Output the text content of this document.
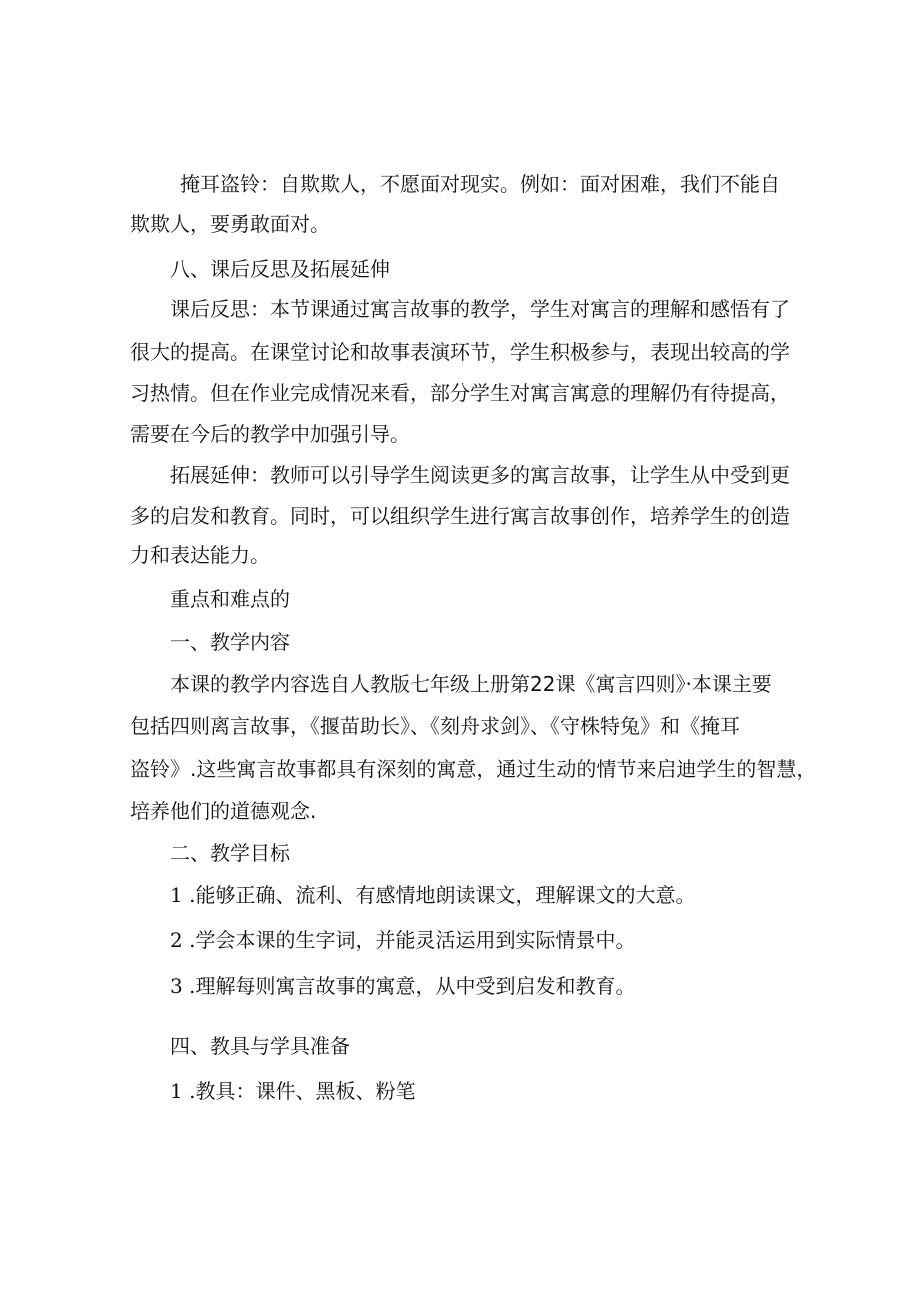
掩耳盗铃：自欺欺人，不愿面对现实。例如：面对困难，我们不能自
欺欺人，要勇敢面对。
八、课后反思及拓展延伸
课后反思：本节课通过寓言故事的教学，学生对寓言的理解和感悟有了
很大的提高。在课堂讨论和故事表演环节，学生积极参与，表现出较高的学
习热情。但在作业完成情况来看，部分学生对寓言寓意的理解仍有待提高，
需要在今后的教学中加强引导。
拓展延伸：教师可以引导学生阅读更多的寓言故事，让学生从中受到更
多的启发和教育。同时，可以组织学生进行寓言故事创作，培养学生的创造
力和表达能力。
重点和难点的
一、教学内容
本课的教学内容选自人教版七年级上册第22课《寓言四则》·本课主要
包括四则离言故事，《揠苗助长》、《刻舟求剑》、《守株特兔》和《掩耳
盗铃》.这些寓言故事都具有深刻的寓意，通过生动的情节来启迪学生的智慧，
培养他们的道德观念.
二、教学目标
1 .能够正确、流利、有感情地朗读课文，理解课文的大意。
2 .学会本课的生字词，并能灵活运用到实际情景中。
3 .理解每则寓言故事的寓意，从中受到启发和教育。
四、教具与学具准备
1 .教具：课件、黑板、粉笔
